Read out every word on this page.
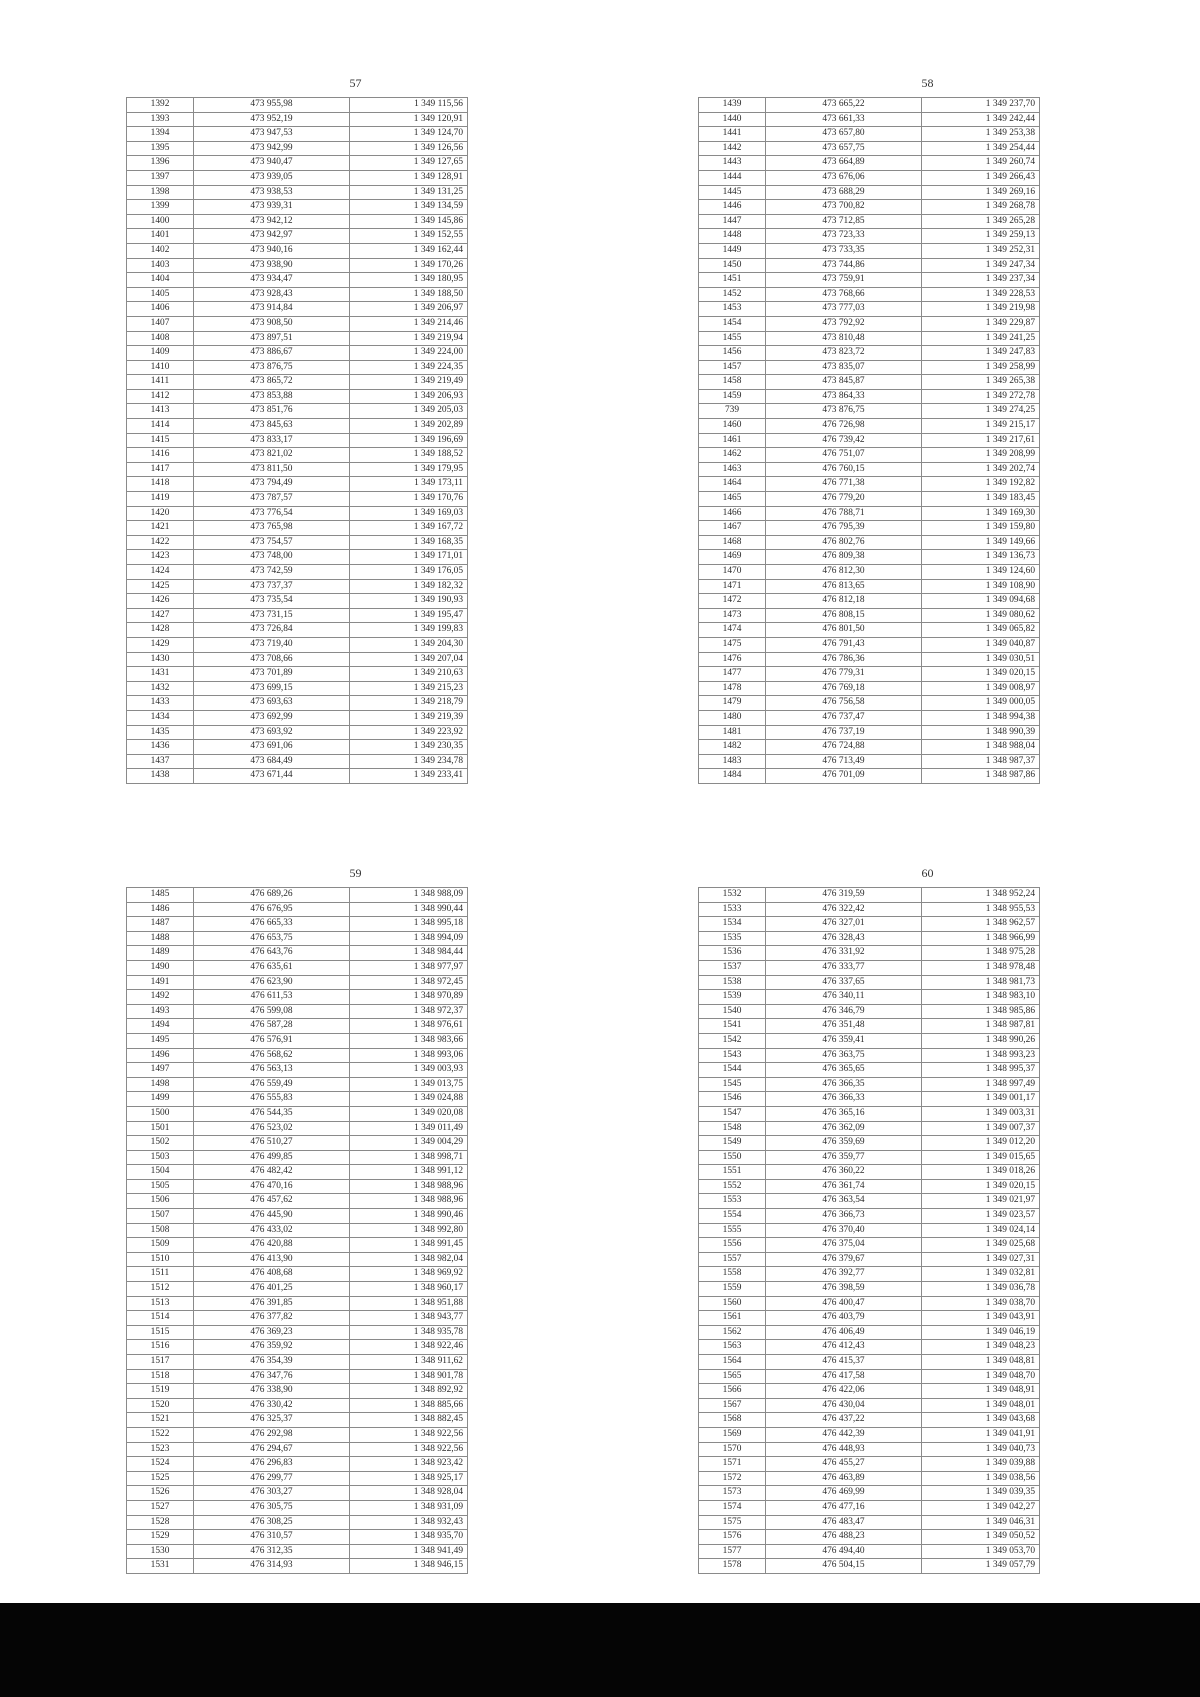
57
1392	473 955,98	1 349 115,56
1393	473 952,19	1 349 120,91
1394	473 947,53	1 349 124,70
1395	473 942,99	1 349 126,56
1396	473 940,47	1 349 127,65
1397	473 939,05	1 349 128,91
1398	473 938,53	1 349 131,25
1399	473 939,31	1 349 134,59
1400	473 942,12	1 349 145,86
1401	473 942,97	1 349 152,55
1402	473 940,16	1 349 162,44
1403	473 938,90	1 349 170,26
1404	473 934,47	1 349 180,95
1405	473 928,43	1 349 188,50
1406	473 914,84	1 349 206,97
1407	473 908,50	1 349 214,46
1408	473 897,51	1 349 219,94
1409	473 886,67	1 349 224,00
1410	473 876,75	1 349 224,35
1411	473 865,72	1 349 219,49
1412	473 853,88	1 349 206,93
1413	473 851,76	1 349 205,03
1414	473 845,63	1 349 202,89
1415	473 833,17	1 349 196,69
1416	473 821,02	1 349 188,52
1417	473 811,50	1 349 179,95
1418	473 794,49	1 349 173,11
1419	473 787,57	1 349 170,76
1420	473 776,54	1 349 169,03
1421	473 765,98	1 349 167,72
1422	473 754,57	1 349 168,35
1423	473 748,00	1 349 171,01
1424	473 742,59	1 349 176,05
1425	473 737,37	1 349 182,32
1426	473 735,54	1 349 190,93
1427	473 731,15	1 349 195,47
1428	473 726,84	1 349 199,83
1429	473 719,40	1 349 204,30
1430	473 708,66	1 349 207,04
1431	473 701,89	1 349 210,63
1432	473 699,15	1 349 215,23
1433	473 693,63	1 349 218,79
1434	473 692,99	1 349 219,39
1435	473 693,92	1 349 223,92
1436	473 691,06	1 349 230,35
1437	473 684,49	1 349 234,78
1438	473 671,44	1 349 233,41
58
1439	473 665,22	1 349 237,70
1440	473 661,33	1 349 242,44
1441	473 657,80	1 349 253,38
1442	473 657,75	1 349 254,44
1443	473 664,89	1 349 260,74
1444	473 676,06	1 349 266,43
1445	473 688,29	1 349 269,16
1446	473 700,82	1 349 268,78
1447	473 712,85	1 349 265,28
1448	473 723,33	1 349 259,13
1449	473 733,35	1 349 252,31
1450	473 744,86	1 349 247,34
1451	473 759,91	1 349 237,34
1452	473 768,66	1 349 228,53
1453	473 777,03	1 349 219,98
1454	473 792,92	1 349 229,87
1455	473 810,48	1 349 241,25
1456	473 823,72	1 349 247,83
1457	473 835,07	1 349 258,99
1458	473 845,87	1 349 265,38
1459	473 864,33	1 349 272,78
739	473 876,75	1 349 274,25
1460	476 726,98	1 349 215,17
1461	476 739,42	1 349 217,61
1462	476 751,07	1 349 208,99
1463	476 760,15	1 349 202,74
1464	476 771,38	1 349 192,82
1465	476 779,20	1 349 183,45
1466	476 788,71	1 349 169,30
1467	476 795,39	1 349 159,80
1468	476 802,76	1 349 149,66
1469	476 809,38	1 349 136,73
1470	476 812,30	1 349 124,60
1471	476 813,65	1 349 108,90
1472	476 812,18	1 349 094,68
1473	476 808,15	1 349 080,62
1474	476 801,50	1 349 065,82
1475	476 791,43	1 349 040,87
1476	476 786,36	1 349 030,51
1477	476 779,31	1 349 020,15
1478	476 769,18	1 349 008,97
1479	476 756,58	1 349 000,05
1480	476 737,47	1 348 994,38
1481	476 737,19	1 348 990,39
1482	476 724,88	1 348 988,04
1483	476 713,49	1 348 987,37
1484	476 701,09	1 348 987,86
59
1485	476 689,26	1 348 988,09
1486	476 676,95	1 348 990,44
1487	476 665,33	1 348 995,18
1488	476 653,75	1 348 994,09
1489	476 643,76	1 348 984,44
1490	476 635,61	1 348 977,97
1491	476 623,90	1 348 972,45
1492	476 611,53	1 348 970,89
1493	476 599,08	1 348 972,37
1494	476 587,28	1 348 976,61
1495	476 576,91	1 348 983,66
1496	476 568,62	1 348 993,06
1497	476 563,13	1 349 003,93
1498	476 559,49	1 349 013,75
1499	476 555,83	1 349 024,88
1500	476 544,35	1 349 020,08
1501	476 523,02	1 349 011,49
1502	476 510,27	1 349 004,29
1503	476 499,85	1 348 998,71
1504	476 482,42	1 348 991,12
1505	476 470,16	1 348 988,96
1506	476 457,62	1 348 988,96
1507	476 445,90	1 348 990,46
1508	476 433,02	1 348 992,80
1509	476 420,88	1 348 991,45
1510	476 413,90	1 348 982,04
1511	476 408,68	1 348 969,92
1512	476 401,25	1 348 960,17
1513	476 391,85	1 348 951,88
1514	476 377,82	1 348 943,77
1515	476 369,23	1 348 935,78
1516	476 359,92	1 348 922,46
1517	476 354,39	1 348 911,62
1518	476 347,76	1 348 901,78
1519	476 338,90	1 348 892,92
1520	476 330,42	1 348 885,66
1521	476 325,37	1 348 882,45
1522	476 292,98	1 348 922,56
1523	476 294,67	1 348 922,56
1524	476 296,83	1 348 923,42
1525	476 299,77	1 348 925,17
1526	476 303,27	1 348 928,04
1527	476 305,75	1 348 931,09
1528	476 308,25	1 348 932,43
1529	476 310,57	1 348 935,70
1530	476 312,35	1 348 941,49
1531	476 314,93	1 348 946,15
60
1532	476 319,59	1 348 952,24
1533	476 322,42	1 348 955,53
1534	476 327,01	1 348 962,57
1535	476 328,43	1 348 966,99
1536	476 331,92	1 348 975,28
1537	476 333,77	1 348 978,48
1538	476 337,65	1 348 981,73
1539	476 340,11	1 348 983,10
1540	476 346,79	1 348 985,86
1541	476 351,48	1 348 987,81
1542	476 359,41	1 348 990,26
1543	476 363,75	1 348 993,23
1544	476 365,65	1 348 995,37
1545	476 366,35	1 348 997,49
1546	476 366,33	1 349 001,17
1547	476 365,16	1 349 003,31
1548	476 362,09	1 349 007,37
1549	476 359,69	1 349 012,20
1550	476 359,77	1 349 015,65
1551	476 360,22	1 349 018,26
1552	476 361,74	1 349 020,15
1553	476 363,54	1 349 021,97
1554	476 366,73	1 349 023,57
1555	476 370,40	1 349 024,14
1556	476 375,04	1 349 025,68
1557	476 379,67	1 349 027,31
1558	476 392,77	1 349 032,81
1559	476 398,59	1 349 036,78
1560	476 400,47	1 349 038,70
1561	476 403,79	1 349 043,91
1562	476 406,49	1 349 046,19
1563	476 412,43	1 349 048,23
1564	476 415,37	1 349 048,81
1565	476 417,58	1 349 048,70
1566	476 422,06	1 349 048,91
1567	476 430,04	1 349 048,01
1568	476 437,22	1 349 043,68
1569	476 442,39	1 349 041,91
1570	476 448,93	1 349 040,73
1571	476 455,27	1 349 039,88
1572	476 463,89	1 349 038,56
1573	476 469,99	1 349 039,35
1574	476 477,16	1 349 042,27
1575	476 483,47	1 349 046,31
1576	476 488,23	1 349 050,52
1577	476 494,40	1 349 053,70
1578	476 504,15	1 349 057,79
